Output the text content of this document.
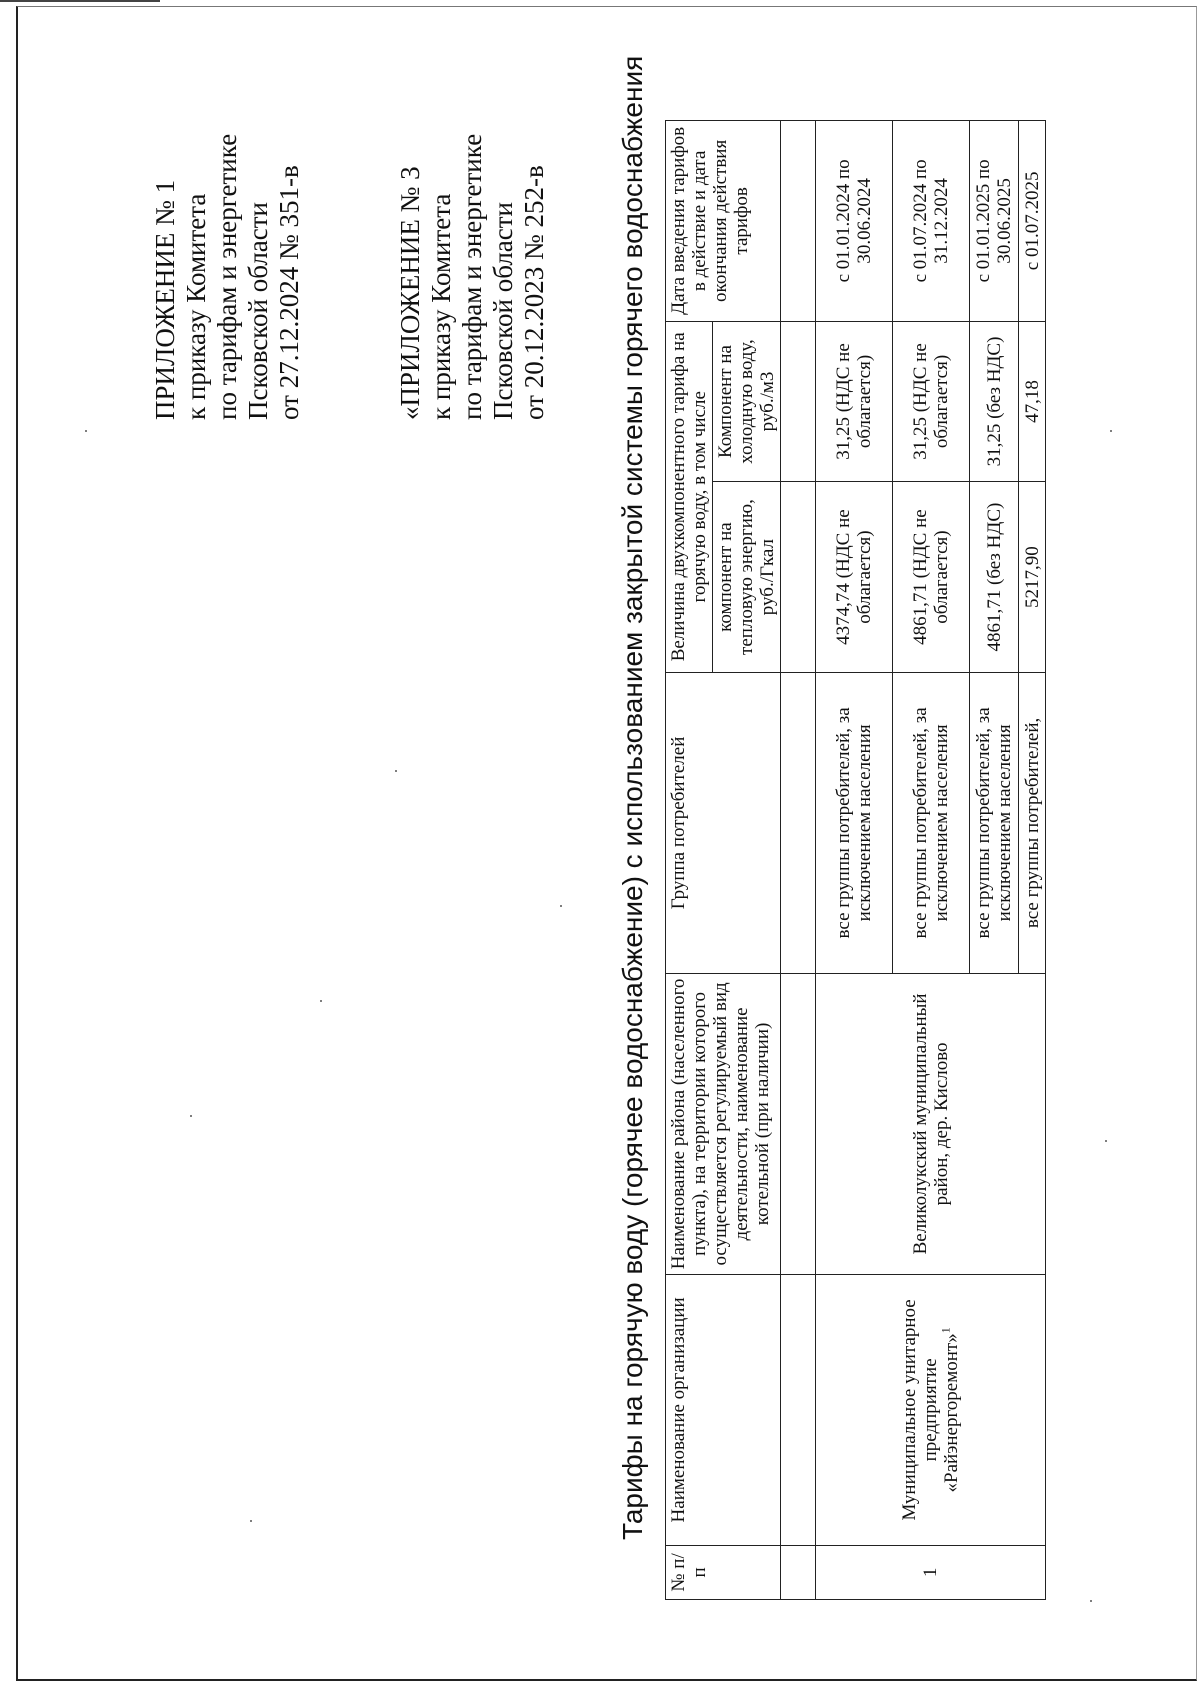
ПРИЛОЖЕНИЕ № 1 к приказу Комитета по тарифам и энергетике Псковской области от 27.12.2024 № 351-в	«ПРИЛОЖЕНИЕ № 3 к приказу Комитета по тарифам и энергетике Псковской области от 20.12.2023 № 252-в Тарифы на горячую воду (горячее водоснабжение) с использованием закрытой системы горячего водоснабжения
№ п/п	Наименование организации	Наименование района (населенного пункта), на территории которого осуществляется регулируемый вид деятельности, наименование котельной (при наличии)	Группа потребителей	Величина двухкомпонентного тарифа на горячую воду, в том числе		Дата введения тарифов в действие и дата окончания действия тарифов
				компонент на тепловую энергию, руб./Гкал	Компонент на холодную воду, руб./м3	

1	Муниципальное унитарное предприятие «Райэнергоремонт»$^1$	Великолукский муниципальный район, дер. Кислово	все группы потребителей, за исключением населения	4374,74 (НДС не облагается)	31,25 (НДС не облагается)	с 01.01.2024 по 30.06.2024
			все группы потребителей, за исключением населения	4861,71 (НДС не облагается)	31,25 (НДС не облагается)	с 01.07.2024 по 31.12.2024
			все группы потребителей, за исключением населения	4861,71 (без НДС)	31,25 (без НДС)	с 01.01.2025 по 30.06.2025
			все группы потребителей,	5217,90	47,18	с 01.07.2025
